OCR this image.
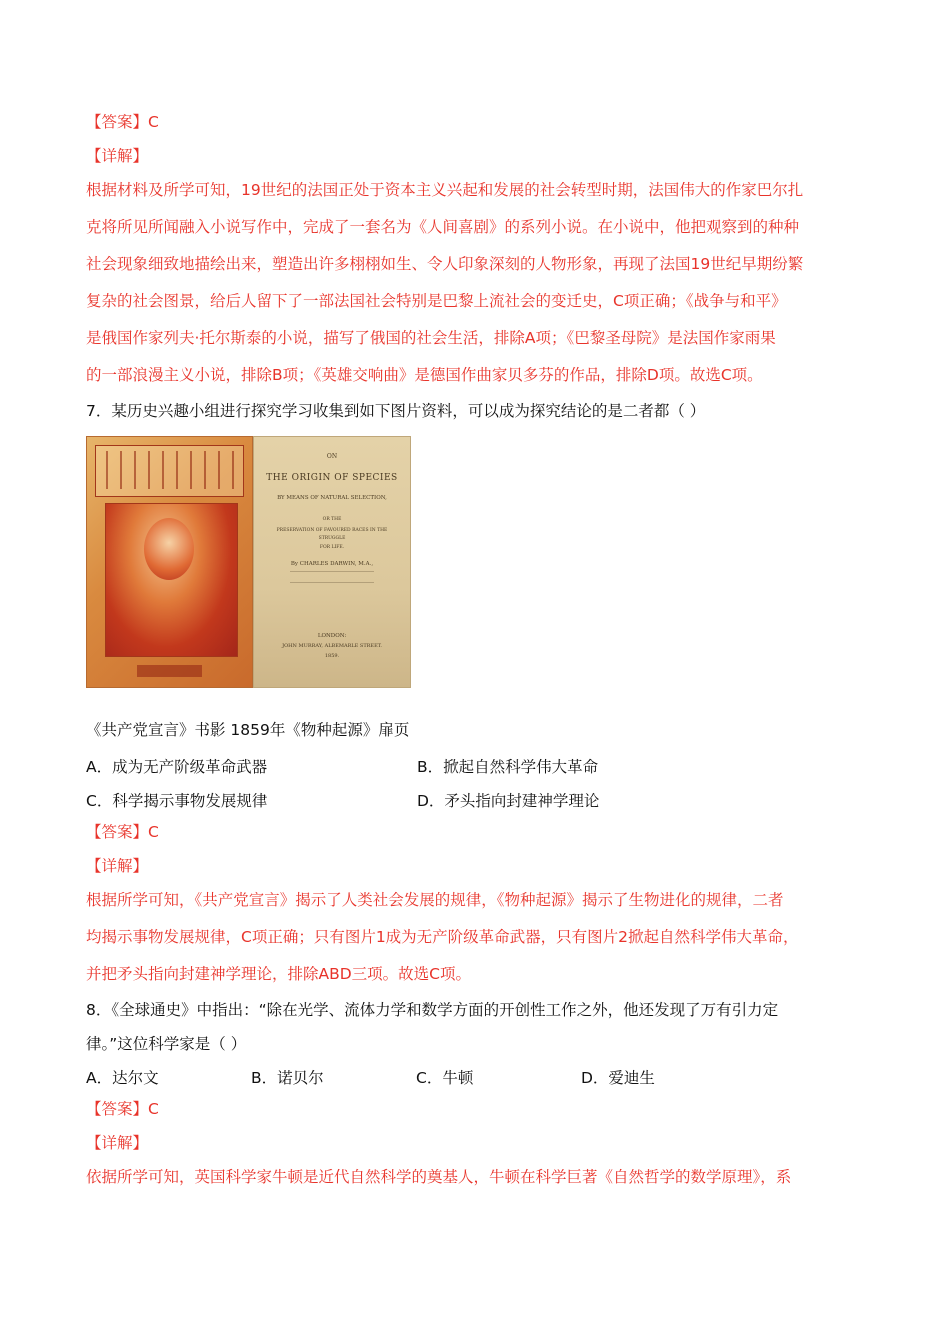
【答案】C
【详解】
根据材料及所学可知，19世纪的法国正处于资本主义兴起和发展的社会转型时期，法国伟大的作家巴尔扎
克将所见所闻融入小说写作中，完成了一套名为《人间喜剧》的系列小说。在小说中，他把观察到的种种
社会现象细致地描绘出来，塑造出许多栩栩如生、令人印象深刻的人物形象，再现了法国19世纪早期纷繁
复杂的社会图景，给后人留下了一部法国社会特别是巴黎上流社会的变迁史，C项正确；《战争与和平》
是俄国作家列夫·托尔斯泰的小说，描写了俄国的社会生活，排除A项；《巴黎圣母院》是法国作家雨果
的一部浪漫主义小说，排除B项；《英雄交响曲》是德国作曲家贝多芬的作品，排除D项。故选C项。
7．某历史兴趣小组进行探究学习收集到如下图片资料，可以成为探究结论的是二者都（ ）
ON
THE ORIGIN OF SPECIES
BY MEANS OF NATURAL SELECTION,
OR THE
PRESERVATION OF FAVOURED RACES IN THE STRUGGLE
FOR LIFE.
By CHARLES DARWIN, M.A.,
LONDON:
JOHN MURRAY, ALBEMARLE STREET.
1859.
《共产党宣言》书影 1859年《物种起源》扉页
A．成为无产阶级革命武器	B．掀起自然科学伟大革命
C．科学揭示事物发展规律	D．矛头指向封建神学理论
【答案】C
【详解】
根据所学可知，《共产党宣言》揭示了人类社会发展的规律，《物种起源》揭示了生物进化的规律，二者
均揭示事物发展规律，C项正确；只有图片1成为无产阶级革命武器，只有图片2掀起自然科学伟大革命，
并把矛头指向封建神学理论，排除ABD三项。故选C项。
8．《全球通史》中指出：“除在光学、流体力学和数学方面的开创性工作之外，他还发现了万有引力定
律。”这位科学家是（ ）
A．达尔文	B．诺贝尔	C．牛顿	D．爱迪生
【答案】C
【详解】
依据所学可知，英国科学家牛顿是近代自然科学的奠基人，牛顿在科学巨著《自然哲学的数学原理》，系
